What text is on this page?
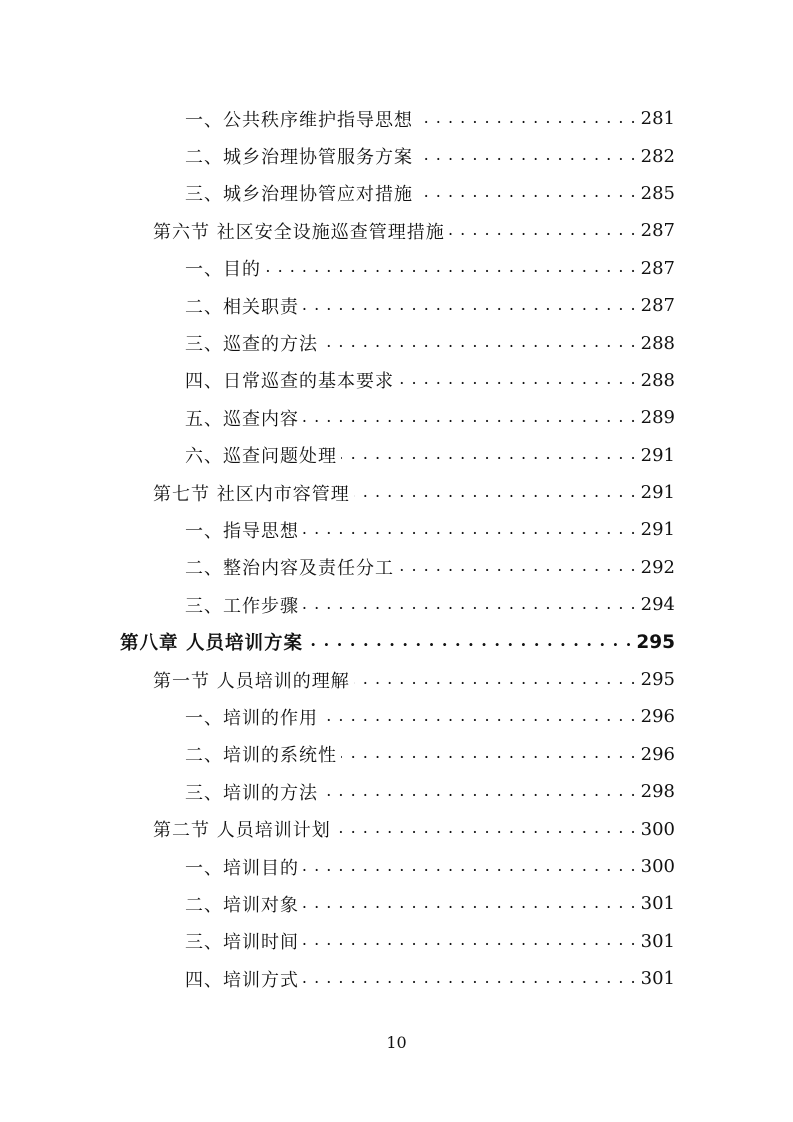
一、公共秩序维护指导思想 . . .	281
二、城乡治理协管服务方案 . . .	282
三、城乡治理协管应对措施 . . .	285
第六节 社区安全设施巡查管理措施 . . .	287
一、目的 . . .	287
二、相关职责 . . .	287
三、巡查的方法 . . .	288
四、日常巡查的基本要求 . . .	288
五、巡查内容 . . .	289
六、巡查问题处理 . . .	291
第七节 社区内市容管理 . . .	291
一、指导思想 . . .	291
二、整治内容及责任分工 . . .	292
三、工作步骤 . . .	294
第八章 人员培训方案 . . .	295
第一节 人员培训的理解 . . .	295
一、培训的作用 . . .	296
二、培训的系统性 . . .	296
三、培训的方法 . . .	298
第二节 人员培训计划 . . .	300
一、培训目的 . . .	300
二、培训对象 . . .	301
三、培训时间 . . .	301
四、培训方式 . . .	301
10
